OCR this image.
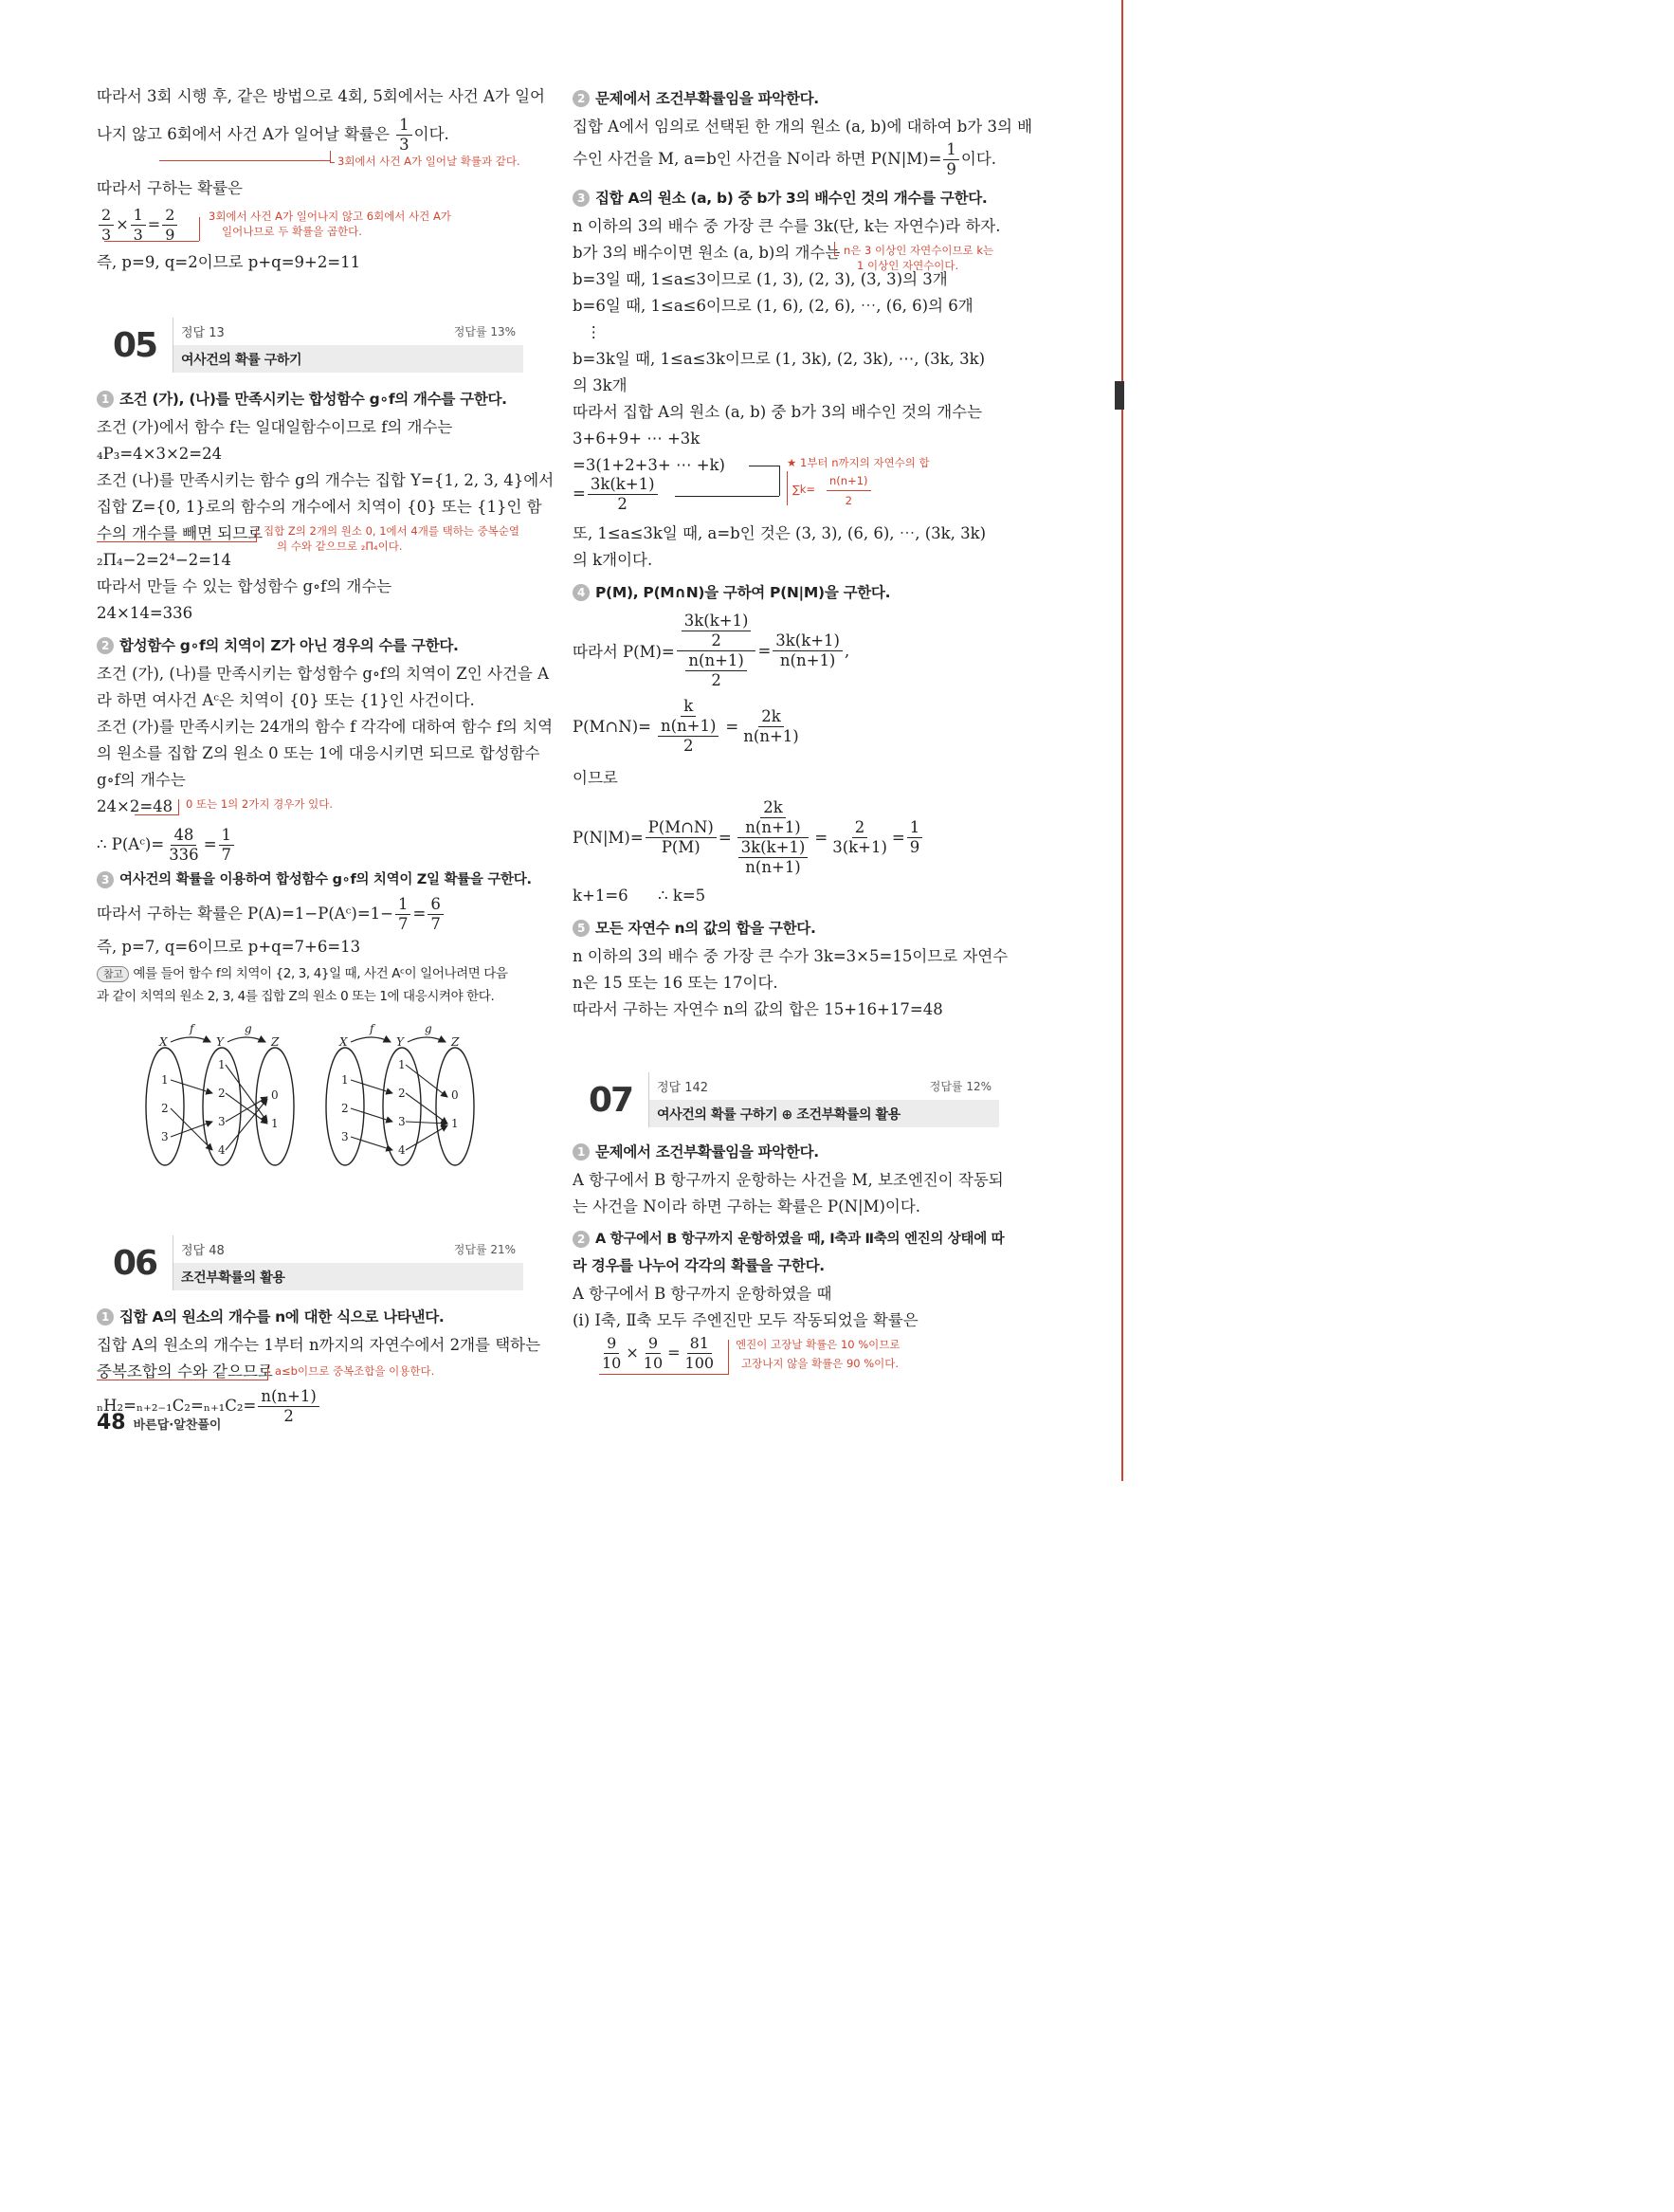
따라서 3회 시행 후, 같은 방법으로 4회, 5회에서는 사건 A가 일어

나지 않고 6회에서 사건 A가 일어날 확률은 $\frac{1}{3}$ 이다.

3회에서 사건 A가 일어날 확률과 같다.

따라서 구하는 확률은

$\frac{2}{3} \times \frac{1}{3} = \frac{2}{9}$	3회에서 사건 A가 일어나지 않고 6회에서 사건 A가
일어나므로 두 확률을 곱한다.

즉, p=9, q=2이므로 p+q=9+2=11

05	정답 13	정답률 13%
여사건의 확률 구하기
1 조건 (가), (나)를 만족시키는 합성함수 g∘f의 개수를 구한다.

조건 (가)에서 함수 f는 일대일함수이므로 f의 개수는

₄P₃=4×3×2=24

조건 (나)를 만족시키는 함수 g의 개수는 집합 Y={1, 2, 3, 4}에서

집합 Z={0, 1}로의 함수의 개수에서 치역이 {0} 또는 {1}인 함

수의 개수를 빼면 되므로 집합 Z의 2개의 원소 0, 1에서 4개를 택하는 중복순열
의 수와 같으므로 ₂Π₄이다.

₂Π₄−2=2⁴−2=14

따라서 만들 수 있는 합성함수 g∘f의 개수는

24×14=336

2 합성함수 g∘f의 치역이 Z가 아닌 경우의 수를 구한다.

조건 (가), (나)를 만족시키는 합성함수 g∘f의 치역이 Z인 사건을 A

라 하면 여사건 Aᶜ은 치역이 {0} 또는 {1}인 사건이다.

조건 (가)를 만족시키는 24개의 함수 f 각각에 대하여 함수 f의 치역

의 원소를 집합 Z의 원소 0 또는 1에 대응시키면 되므로 합성함수

g∘f의 개수는

24×2=48 0 또는 1의 2가지 경우가 있다.

∴ P(Aᶜ)= $\frac{48}{336} = \frac{1}{7}$

3 여사건의 확률을 이용하여 합성함수 g∘f의 치역이 Z일 확률을 구한다.

따라서 구하는 확률은 P(A)=1−P(Aᶜ)=1− $\frac{1}{7} = \frac{6}{7}$

즉, p=7, q=6이므로 p+q=7+6=13

참고 예를 들어 함수 f의 치역이 {2, 3, 4}일 때, 사건 Aᶜ이 일어나려면 다음

과 같이 치역의 원소 2, 3, 4를 집합 Z의 원소 0 또는 1에 대응시켜야 한다.

X	Y	Z
f	g
1
2
3
1
2
3
4
0
1
X	Y	Z
f	g
1
2
3
1
2
3
4
0
1
06	정답 48	정답률 21%
조건부확률의 활용
1 집합 A의 원소의 개수를 n에 대한 식으로 나타낸다.

집합 A의 원소의 개수는 1부터 n까지의 자연수에서 2개를 택하는

중복조합의 수와 같으므로 a≤b이므로 중복조합을 이용한다.

$_nH_2=_{n+2-1}C_2=_{n+1}C_2= \frac{n(n+1)}{2}$

2 문제에서 조건부확률임을 파악한다.

집합 A에서 임의로 선택된 한 개의 원소 (a, b)에 대하여 b가 3의 배

수인 사건을 M, a=b인 사건을 N이라 하면 $P(N|M)= \frac{1}{9}$ 이다.

3 집합 A의 원소 (a, b) 중 b가 3의 배수인 것의 개수를 구한다.

n 이하의 3의 배수 중 가장 큰 수를 3k(단, k는 자연수)라 하자.

b가 3의 배수이면 원소 (a, b)의 개수는 n은 3 이상인 자연수이므로 k는
1 이상인 자연수이다.

b=3일 때, 1≤a≤3이므로 (1, 3), (2, 3), (3, 3)의 3개

b=6일 때, 1≤a≤6이므로 (1, 6), (2, 6), ⋯, (6, 6)의 6개

⋮

b=3k일 때, 1≤a≤3k이므로 (1, 3k), (2, 3k), ⋯, (3k, 3k)

의 3k개

따라서 집합 A의 원소 (a, b) 중 b가 3의 배수인 것의 개수는

3+6+9+ ⋯ +3k

=3(1+2+3+ ⋯ +k)

= $\frac{3k(k+1)}{2}$

★ 1부터 n까지의 자연수의 합
$\sum k= \frac{n(n+1)}{2}$

또, 1≤a≤3k일 때, a=b인 것은 (3, 3), (6, 6), ⋯, (3k, 3k)

의 k개이다.

4 P(M), P(M∩N)을 구하여 P(N|M)을 구한다.
따라서 $P(M)= \frac{\frac{3k(k+1)}{2}}{\frac{n(n+1)}{2}} = \frac{3k(k+1)}{n(n+1)}$ ,
P(M∩N)= $\frac{k}{\frac{n(n+1)}{2}} = \frac{2k}{n(n+1)}$

이므로

$P(N|M)= \frac{P(M\cap N)}{P(M)} = \frac{\frac{2k}{n(n+1)}}{\frac{3k(k+1)}{n(n+1)}} = \frac{2}{3(k+1)} = \frac{1}{9}$

k+1=6      ∴ k=5

5 모든 자연수 n의 값의 합을 구한다.

n 이하의 3의 배수 중 가장 큰 수가 3k=3×5=15이므로 자연수

n은 15 또는 16 또는 17이다.

따라서 구하는 자연수 n의 값의 합은 15+16+17=48

07	정답 142	정답률 12%
여사건의 확률 구하기 ⊕ 조건부확률의 활용
1 문제에서 조건부확률임을 파악한다.

A 항구에서 B 항구까지 운항하는 사건을 M, 보조엔진이 작동되

는 사건을 N이라 하면 구하는 확률은 P(N|M)이다.

2 A 항구에서 B 항구까지 운항하였을 때, Ⅰ축과 Ⅱ축의 엔진의 상태에 따

라 경우를 나누어 각각의 확률을 구한다.

A 항구에서 B 항구까지 운항하였을 때

(i) Ⅰ축, Ⅱ축 모두 주엔진만 모두 작동되었을 확률은

$\frac{9}{10} \times \frac{9}{10} = \frac{81}{100}$ 엔진이 고장날 확률은 10 %이므로
고장나지 않을 확률은 90 %이다.
48 바른답·알찬풀이
